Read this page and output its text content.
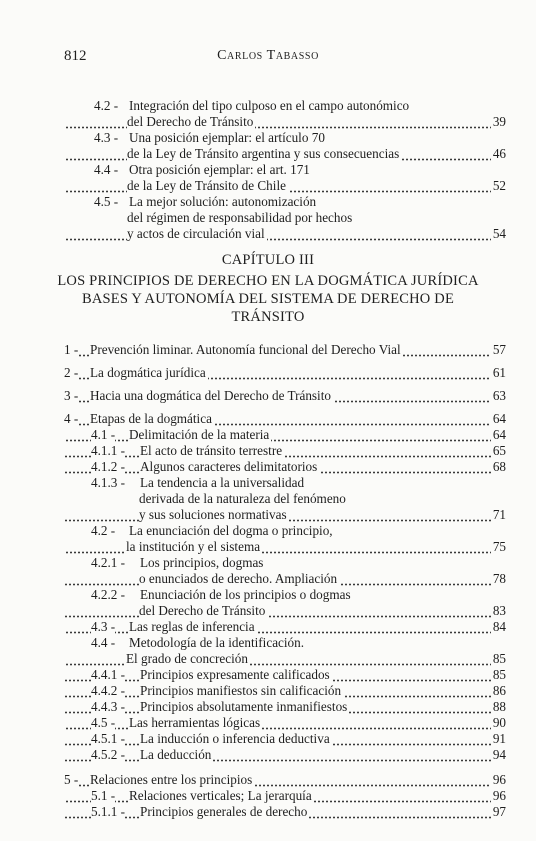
812	Carlos Tabasso
4.2 - Integración del tipo culposo en el campo autonómico
del Derecho de Tránsito	39
4.3 - Una posición ejemplar: el artículo 70
de la Ley de Tránsito argentina y sus consecuencias	46
4.4 - Otra posición ejemplar: el art. 171
de la Ley de Tránsito de Chile	52
4.5 - La mejor solución: autonomización
del régimen de responsabilidad por hechos
y actos de circulación vial	54
CAPÍTULO III
LOS PRINCIPIOS DE DERECHO EN LA DOGMÁTICA JURÍDICA
BASES Y AUTONOMÍA DEL SISTEMA DE DERECHO DE
TRÁNSITO
1 - Prevención liminar. Autonomía funcional del Derecho Vial	57
2 - La dogmática jurídica	61
3 - Hacia una dogmática del Derecho de Tránsito	63
4 - Etapas de la dogmática	64
4.1 - Delimitación de la materia	64
4.1.1 - El acto de tránsito terrestre	65
4.1.2 - Algunos caracteres delimitatorios	68
4.1.3 - La tendencia a la universalidad
derivada de la naturaleza del fenómeno
y sus soluciones normativas	71
4.2 - La enunciación del dogma o principio,
la institución y el sistema	75
4.2.1 - Los principios, dogmas
o enunciados de derecho. Ampliación	78
4.2.2 - Enunciación de los principios o dogmas
del Derecho de Tránsito	83
4.3 - Las reglas de inferencia	84
4.4 - Metodología de la identificación.
El grado de concreción	85
4.4.1 - Principios expresamente calificados	85
4.4.2 - Principios manifiestos sin calificación	86
4.4.3 - Principios absolutamente inmanifiestos	88
4.5 - Las herramientas lógicas	90
4.5.1 - La inducción o inferencia deductiva	91
4.5.2 - La deducción	94
5 - Relaciones entre los principios	96
5.1 - Relaciones verticales; La jerarquía	96
5.1.1 - Principios generales de derecho	97
